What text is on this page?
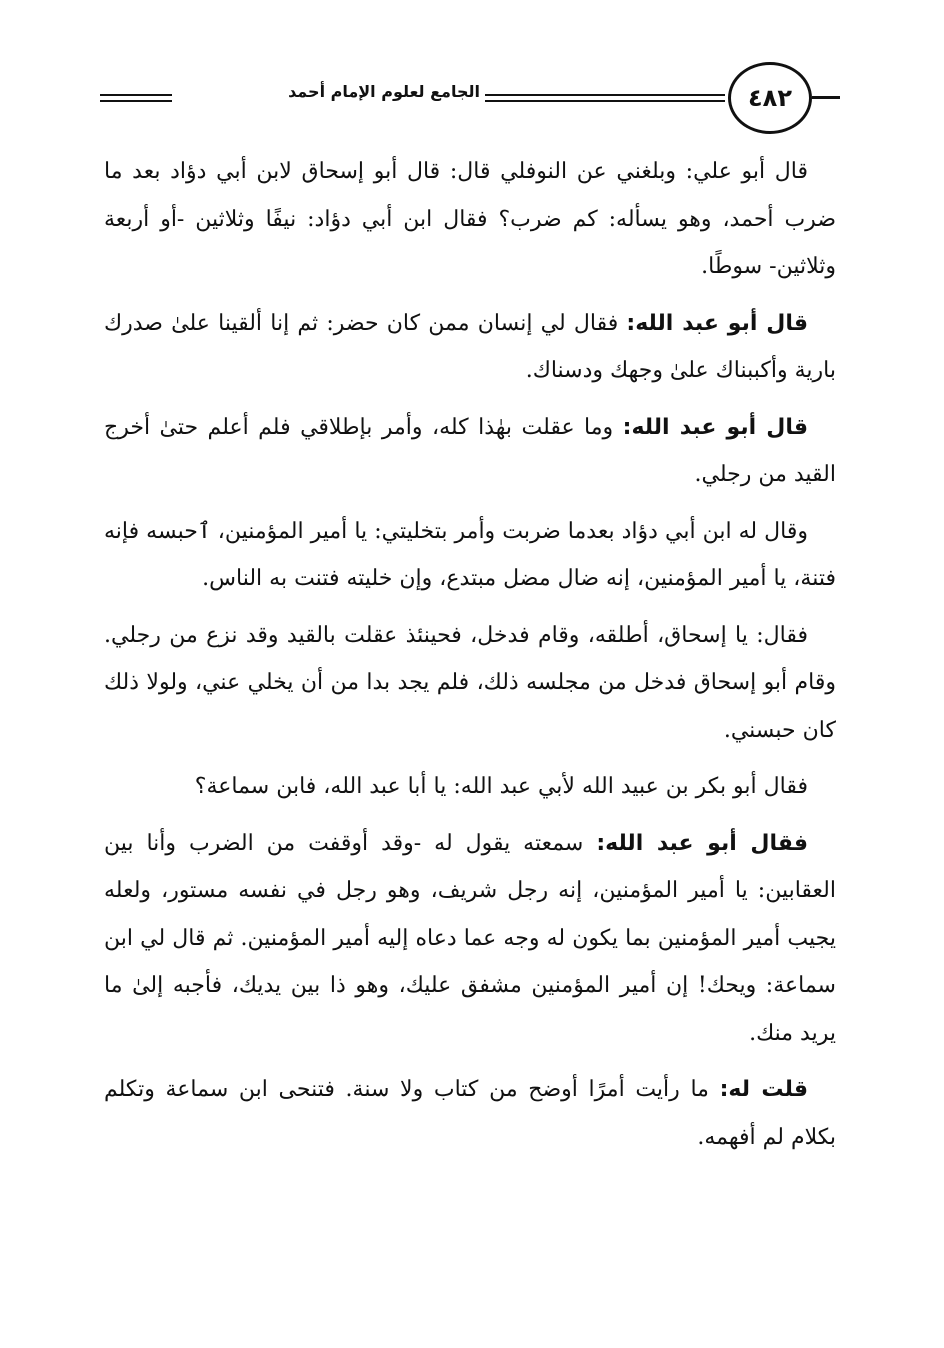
٤٨٢
الجامع لعلوم الإمام أحمد

قال أبو علي: وبلغني عن النوفلي قال: قال أبو إسحاق لابن أبي دؤاد بعد ما ضرب أحمد، وهو يسأله: كم ضرب؟ فقال ابن أبي دؤاد: نيفًا وثلاثين -أو أربعة وثلاثين- سوطًا.

قال أبو عبد الله: فقال لي إنسان ممن كان حضر: ثم إنا ألقينا علىٰ صدرك بارية وأكببناك علىٰ وجهك ودسناك.

قال أبو عبد الله: وما عقلت بهٰذا كله، وأمر بإطلاقي فلم أعلم حتىٰ أخرج القيد من رجلي.

وقال له ابن أبي دؤاد بعدما ضربت وأمر بتخليتي: يا أمير المؤمنين، ٱحبسه فإنه فتنة، يا أمير المؤمنين، إنه ضال مضل مبتدع، وإن خليته فتنت به الناس.

فقال: يا إسحاق، أطلقه، وقام فدخل، فحينئذ عقلت بالقيد وقد نزع من رجلي. وقام أبو إسحاق فدخل من مجلسه ذلك، فلم يجد بدا من أن يخلي عني، ولولا ذلك كان حبسني.

فقال أبو بكر بن عبيد الله لأبي عبد الله: يا أبا عبد الله، فابن سماعة؟

فقال أبو عبد الله: سمعته يقول له -وقد أوقفت من الضرب وأنا بين العقابين: يا أمير المؤمنين، إنه رجل شريف، وهو رجل في نفسه مستور، ولعله يجيب أمير المؤمنين بما يكون له وجه عما دعاه إليه أمير المؤمنين. ثم قال لي ابن سماعة: ويحك! إن أمير المؤمنين مشفق عليك، وهو ذا بين يديك، فأجبه إلىٰ ما يريد منك.

قلت له: ما رأيت أمرًا أوضح من كتاب ولا سنة. فتنحى ابن سماعة وتكلم بكلام لم أفهمه.
